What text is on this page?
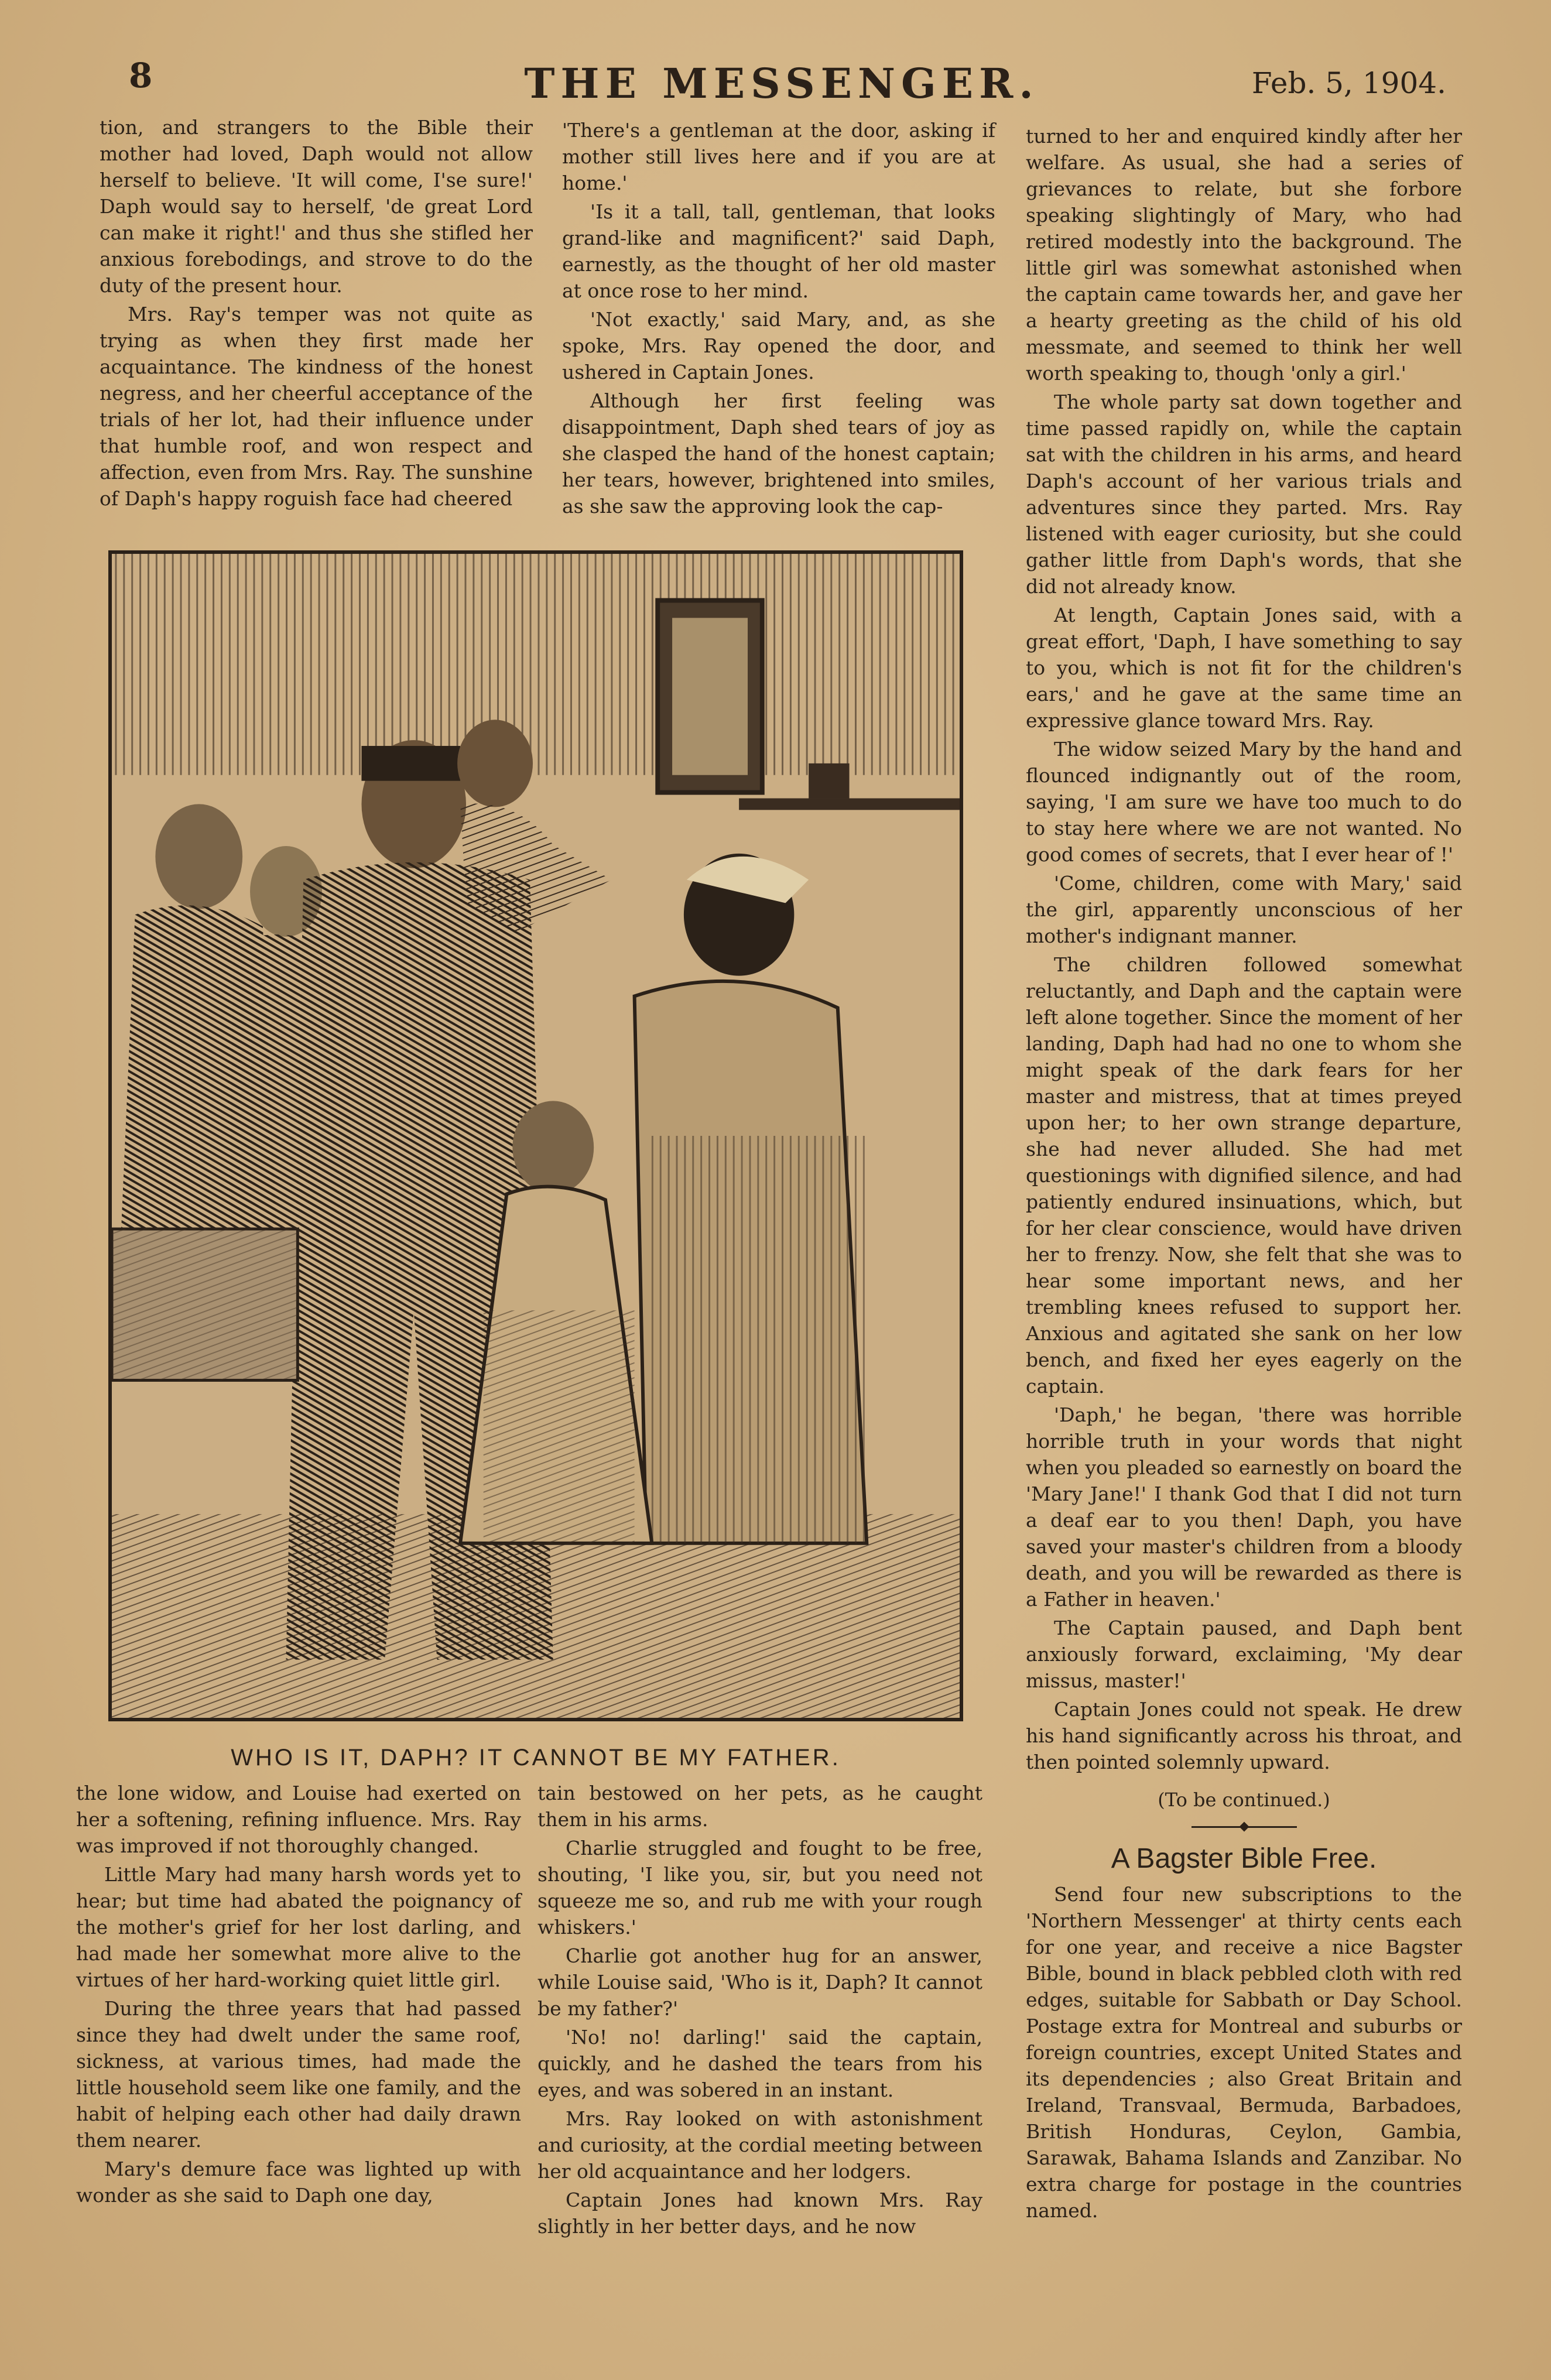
8	THE MESSENGER.	Feb. 5, 1904.

tion, and strangers to the Bible their mother had loved, Daph would not allow herself to believe. 'It will come, I'se sure!' Daph would say to herself, 'de great Lord can make it right!' and thus she stifled her anxious forebodings, and strove to do the duty of the present hour.

Mrs. Ray's temper was not quite as trying as when they first made her acquaintance. The kindness of the honest negress, and her cheerful acceptance of the trials of her lot, had their influence under that humble roof, and won respect and affection, even from Mrs. Ray. The sunshine of Daph's happy roguish face had cheered

'There's a gentleman at the door, asking if mother still lives here and if you are at home.'

'Is it a tall, tall, gentleman, that looks grand-like and magnificent?' said Daph, earnestly, as the thought of her old master at once rose to her mind.

'Not exactly,' said Mary, and, as she spoke, Mrs. Ray opened the door, and ushered in Captain Jones.

Although her first feeling was disappointment, Daph shed tears of joy as she clasped the hand of the honest captain; her tears, however, brightened into smiles, as she saw the approving look the cap-

turned to her and enquired kindly after her welfare. As usual, she had a series of grievances to relate, but she forbore speaking slightingly of Mary, who had retired modestly into the background. The little girl was somewhat astonished when the captain came towards her, and gave her a hearty greeting as the child of his old messmate, and seemed to think her well worth speaking to, though 'only a girl.'

The whole party sat down together and time passed rapidly on, while the captain sat with the children in his arms, and heard Daph's account of her various trials and adventures since they parted. Mrs. Ray listened with eager curiosity, but she could gather little from Daph's words, that she did not already know.

At length, Captain Jones said, with a great effort, 'Daph, I have something to say to you, which is not fit for the children's ears,' and he gave at the same time an expressive glance toward Mrs. Ray.

The widow seized Mary by the hand and flounced indignantly out of the room, saying, 'I am sure we have too much to do to stay here where we are not wanted. No good comes of secrets, that I ever hear of !'

'Come, children, come with Mary,' said the girl, apparently unconscious of her mother's indignant manner.

The children followed somewhat reluctantly, and Daph and the captain were left alone together. Since the moment of her landing, Daph had had no one to whom she might speak of the dark fears for her master and mistress, that at times preyed upon her; to her own strange departure, she had never alluded. She had met questionings with dignified silence, and had patiently endured insinuations, which, but for her clear conscience, would have driven her to frenzy. Now, she felt that she was to hear some important news, and her trembling knees refused to support her. Anxious and agitated she sank on her low bench, and fixed her eyes eagerly on the captain.

'Daph,' he began, 'there was horrible horrible truth in your words that night when you pleaded so earnestly on board the 'Mary Jane!' I thank God that I did not turn a deaf ear to you then! Daph, you have saved your master's children from a bloody death, and you will be rewarded as there is a Father in heaven.'

The Captain paused, and Daph bent anxiously forward, exclaiming, 'My dear missus, master!'

Captain Jones could not speak. He drew his hand significantly across his throat, and then pointed solemnly upward.

(To be continued.)
A Bagster Bible Free.

Send four new subscriptions to the 'Northern Messenger' at thirty cents each for one year, and receive a nice Bagster Bible, bound in black pebbled cloth with red edges, suitable for Sabbath or Day School. Postage extra for Montreal and suburbs or foreign countries, except United States and its dependencies ; also Great Britain and Ireland, Transvaal, Bermuda, Barbadoes, British Honduras, Ceylon, Gambia, Sarawak, Bahama Islands and Zanzibar. No extra charge for postage in the countries named.

WHO IS IT, DAPH? IT CANNOT BE MY FATHER.

the lone widow, and Louise had exerted on her a softening, refining influence. Mrs. Ray was improved if not thoroughly changed.

Little Mary had many harsh words yet to hear; but time had abated the poignancy of the mother's grief for her lost darling, and had made her somewhat more alive to the virtues of her hard-working quiet little girl.

During the three years that had passed since they had dwelt under the same roof, sickness, at various times, had made the little household seem like one family, and the habit of helping each other had daily drawn them nearer.

Mary's demure face was lighted up with wonder as she said to Daph one day,

tain bestowed on her pets, as he caught them in his arms.

Charlie struggled and fought to be free, shouting, 'I like you, sir, but you need not squeeze me so, and rub me with your rough whiskers.'

Charlie got another hug for an answer, while Louise said, 'Who is it, Daph? It cannot be my father?'

'No! no! darling!' said the captain, quickly, and he dashed the tears from his eyes, and was sobered in an instant.

Mrs. Ray looked on with astonishment and curiosity, at the cordial meeting between her old acquaintance and her lodgers.

Captain Jones had known Mrs. Ray slightly in her better days, and he now
